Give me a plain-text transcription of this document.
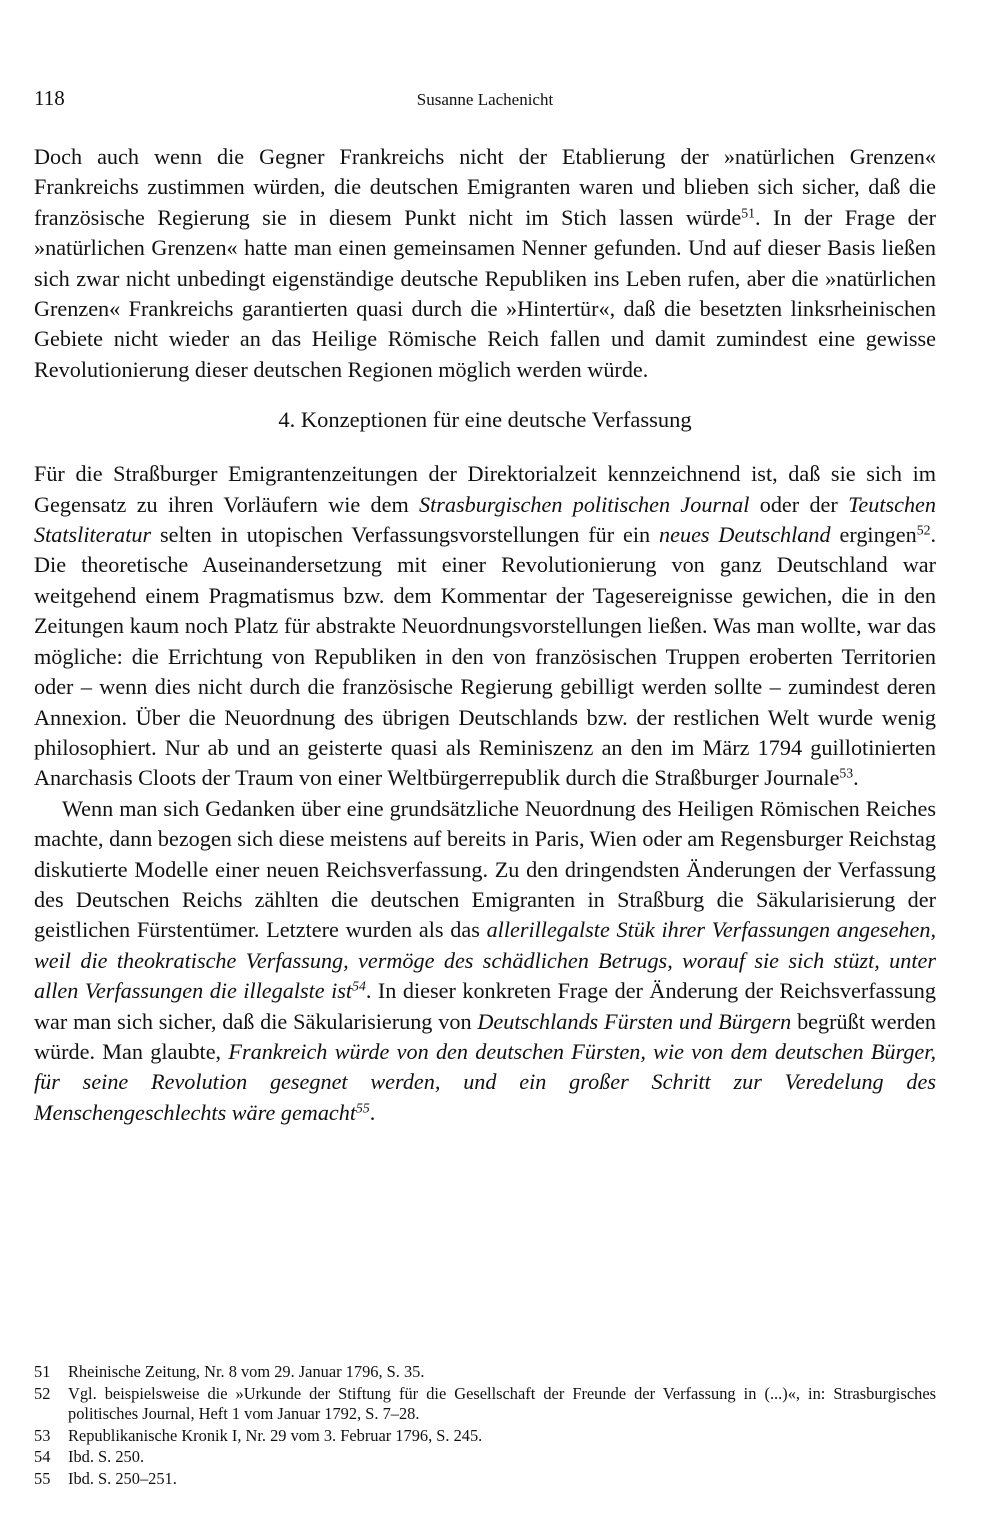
118	Susanne Lachenicht

Doch auch wenn die Gegner Frankreichs nicht der Etablierung der »natürlichen Grenzen« Frankreichs zustimmen würden, die deutschen Emigranten waren und blieben sich sicher, daß die französische Regierung sie in diesem Punkt nicht im Stich lassen würde$^{51}$. In der Frage der »natürlichen Grenzen« hatte man einen gemeinsamen Nenner gefunden. Und auf dieser Basis ließen sich zwar nicht unbedingt eigenständige deutsche Republiken ins Leben rufen, aber die »natürlichen Grenzen« Frankreichs garantierten quasi durch die »Hintertür«, daß die besetzten linksrheinischen Gebiete nicht wieder an das Heilige Römische Reich fallen und damit zumindest eine gewisse Revolutionierung dieser deutschen Regionen möglich werden würde.

4. Konzeptionen für eine deutsche Verfassung

Für die Straßburger Emigrantenzeitungen der Direktorialzeit kennzeichnend ist, daß sie sich im Gegensatz zu ihren Vorläufern wie dem Strasburgischen politischen Journal oder der Teutschen Statsliteratur selten in utopischen Verfassungsvorstellungen für ein neues Deutschland ergingen$^{52}$. Die theoretische Auseinandersetzung mit einer Revolutionierung von ganz Deutschland war weitgehend einem Pragmatismus bzw. dem Kommentar der Tagesereignisse gewichen, die in den Zeitungen kaum noch Platz für abstrakte Neuordnungsvorstellungen ließen. Was man wollte, war das mögliche: die Errichtung von Republiken in den von französischen Truppen eroberten Territorien oder – wenn dies nicht durch die französische Regierung gebilligt werden sollte – zumindest deren Annexion. Über die Neuordnung des übrigen Deutschlands bzw. der restlichen Welt wurde wenig philosophiert. Nur ab und an geisterte quasi als Reminiszenz an den im März 1794 guillotinierten Anarchasis Cloots der Traum von einer Weltbürgerrepublik durch die Straßburger Journale$^{53}$.

Wenn man sich Gedanken über eine grundsätzliche Neuordnung des Heiligen Römischen Reiches machte, dann bezogen sich diese meistens auf bereits in Paris, Wien oder am Regensburger Reichstag diskutierte Modelle einer neuen Reichsverfassung. Zu den dringendsten Änderungen der Verfassung des Deutschen Reichs zählten die deutschen Emigranten in Straßburg die Säkularisierung der geistlichen Fürstentümer. Letztere wurden als das allerillegalste Stük ihrer Verfassungen angesehen, weil die theokratische Verfassung, vermöge des schädlichen Betrugs, worauf sie sich stüzt, unter allen Verfassungen die illegalste ist$^{54}$. In dieser konkreten Frage der Änderung der Reichsverfassung war man sich sicher, daß die Säkularisierung von Deutschlands Fürsten und Bürgern begrüßt werden würde. Man glaubte, Frankreich würde von den deutschen Fürsten, wie von dem deutschen Bürger, für seine Revolution gesegnet werden, und ein großer Schritt zur Veredelung des Menschengeschlechts wäre gemacht$^{55}$.

51	Rheinische Zeitung, Nr. 8 vom 29. Januar 1796, S. 35.
52	Vgl. beispielsweise die »Urkunde der Stiftung für die Gesellschaft der Freunde der Verfassung in (...)«, in: Strasburgisches politisches Journal, Heft 1 vom Januar 1792, S. 7–28.
53	Republikanische Kronik I, Nr. 29 vom 3. Februar 1796, S. 245.
54	Ibd. S. 250.
55	Ibd. S. 250–251.
